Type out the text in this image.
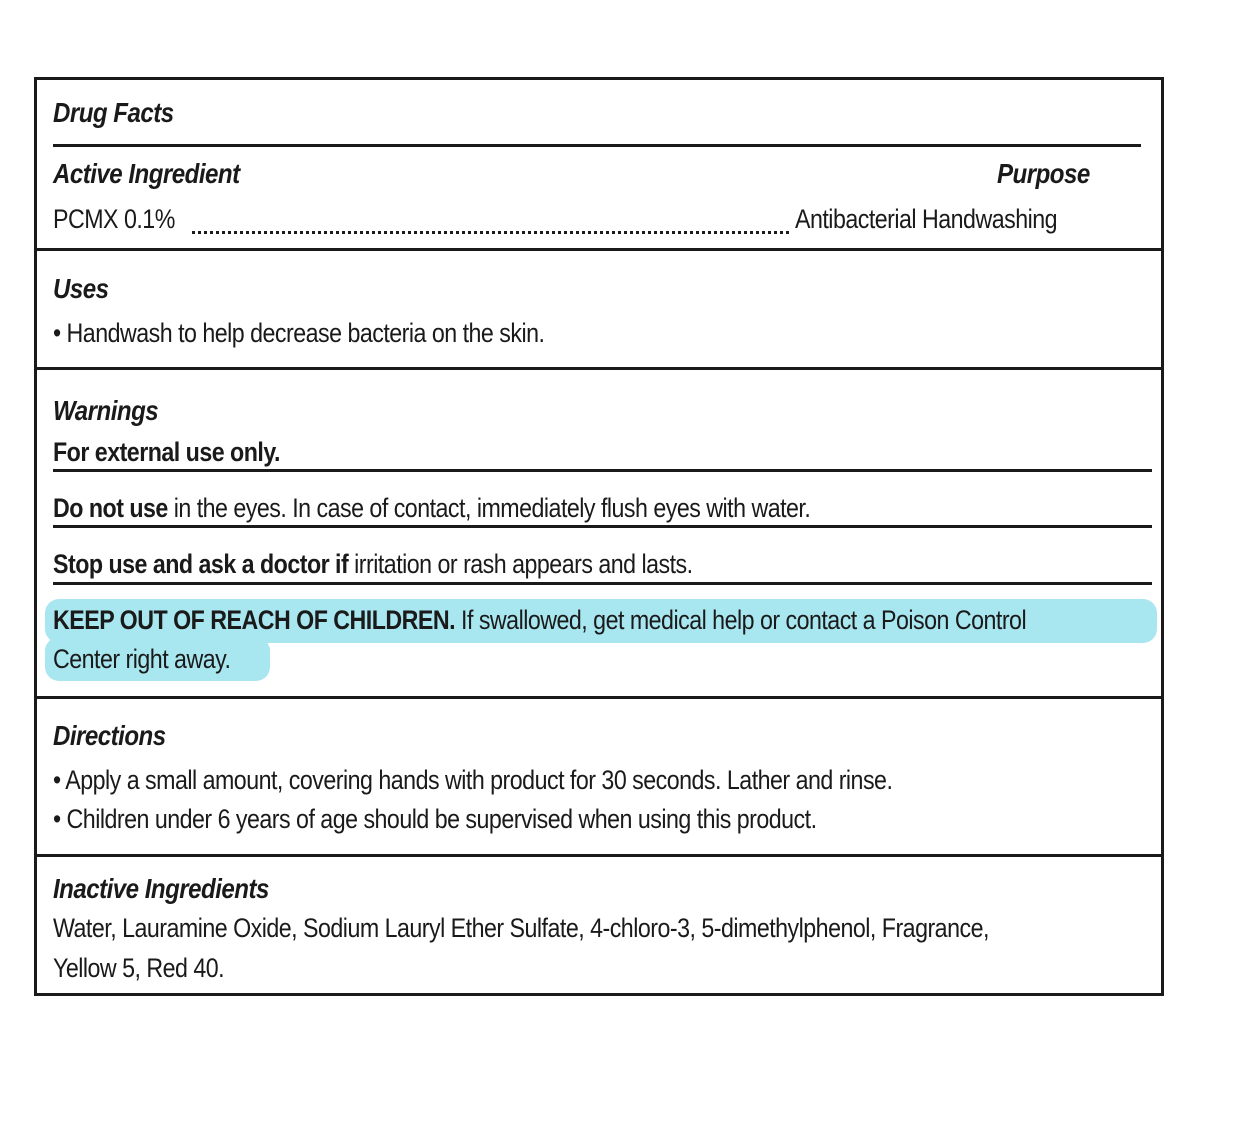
Drug Facts
Active Ingredient	Purpose
PCMX 0.1%	Antibacterial Handwashing
Uses
• Handwash to help decrease bacteria on the skin.
Warnings
For external use only.
Do not use in the eyes. In case of contact, immediately flush eyes with water.
Stop use and ask a doctor if irritation or rash appears and lasts.
KEEP OUT OF REACH OF CHILDREN. If swallowed, get medical help or contact a Poison Control
Center right away.
Directions
• Apply a small amount, covering hands with product for 30 seconds. Lather and rinse.
• Children under 6 years of age should be supervised when using this product.
Inactive Ingredients
Water, Lauramine Oxide, Sodium Lauryl Ether Sulfate, 4-chloro-3, 5-dimethylphenol, Fragrance,
Yellow 5, Red 40.
